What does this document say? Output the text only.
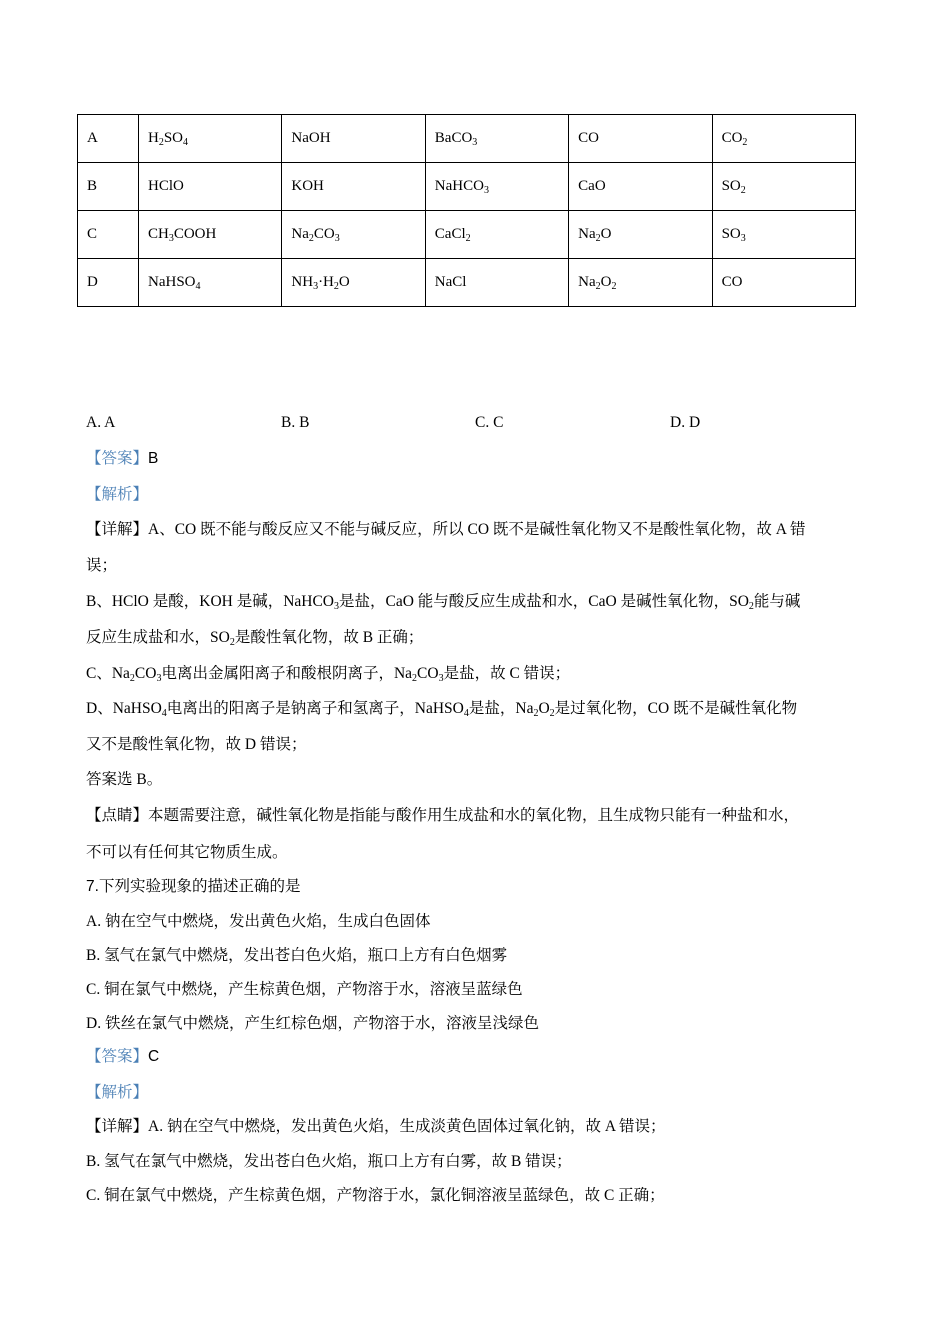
A	$H_2SO_4$	NaOH	BaCO$_3$	CO	$CO_2$
B	HClO	KOH	NaHCO$_3$	CaO	$SO_2$
C	$CH_3COOH$	$Na_2CO_3$	CaCl$_2$	$Na_2O$	$SO_3$
D	NaHSO$_4$	$NH_3\cdot H_2O$	NaCl	$Na_2O_2$	CO
A. A	B. B	C. C	D. D
【答案】B
【解析】
【详解】A、CO 既不能与酸反应又不能与碱反应，所以 CO 既不是碱性氧化物又不是酸性氧化物，故 A 错
误；
B、HClO 是酸，KOH 是碱，NaHCO$_3$是盐，CaO 能与酸反应生成盐和水，CaO 是碱性氧化物，$SO_2$能与碱
反应生成盐和水，$SO_2$是酸性氧化物，故 B 正确；
C、$Na_2CO_3$电离出金属阳离子和酸根阴离子，$Na_2CO_3$是盐，故 C 错误；
D、NaHSO$_4$电离出的阳离子是钠离子和氢离子，NaHSO$_4$是盐，$Na_2O_2$是过氧化物，CO 既不是碱性氧化物
又不是酸性氧化物，故 D 错误；
答案选 B。
【点睛】本题需要注意，碱性氧化物是指能与酸作用生成盐和水的氧化物，且生成物只能有一种盐和水，
不可以有任何其它物质生成。
7.下列实验现象的描述正确的是
A. 钠在空气中燃烧，发出黄色火焰，生成白色固体
B. 氢气在氯气中燃烧，发出苍白色火焰，瓶口上方有白色烟雾
C. 铜在氯气中燃烧，产生棕黄色烟，产物溶于水，溶液呈蓝绿色
D. 铁丝在氯气中燃烧，产生红棕色烟，产物溶于水，溶液呈浅绿色
【答案】C
【解析】
【详解】A. 钠在空气中燃烧，发出黄色火焰，生成淡黄色固体过氧化钠，故 A 错误；
B. 氢气在氯气中燃烧，发出苍白色火焰，瓶口上方有白雾，故 B 错误；
C. 铜在氯气中燃烧，产生棕黄色烟，产物溶于水，氯化铜溶液呈蓝绿色，故 C 正确；
